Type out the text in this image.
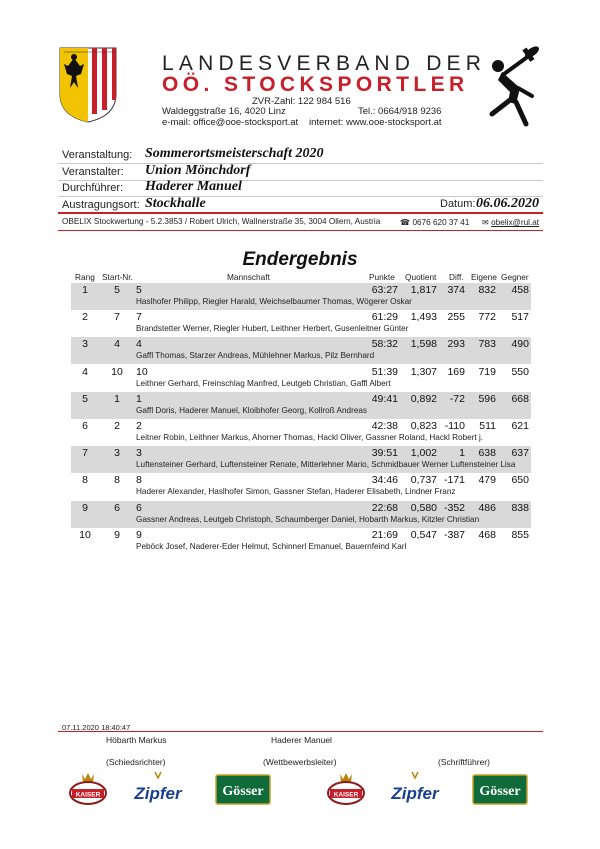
LANDESVERBAND DER
OÖ. STOCKSPORTLER
ZVR-Zahl: 122 984 516
Waldeggstraße 16, 4020 Linz	Tel.: 0664/918 9236
e-mail: office@ooe-stocksport.at internet: www.ooe-stocksport.at
Veranstaltung: Sommerortsmeisterschaft 2020
Veranstalter: Union Mönchdorf
Durchführer: Haderer Manuel
Austragungsort: Stockhalle	Datum: 06.06.2020
OBELIX Stockwertung - 5.2.3853 / Robert Ulrich, Wallnerstraße 35, 3004 Ollern, Austria ☎ 0676 620 37 41 ✉ obelix@rul.at
Endergebnis
Rang Start-Nr.	Mannschaft	Punkte Quotient Diff. Eigene Gegner
1	5	5	63:27	1,817 374	832	458
Haslhofer Philipp, Riegler Harald, Weichselbaumer Thomas, Wögerer Oskar
2	7	7	61:29	1,493 255	772	517
Brandstetter Werner, Riegler Hubert, Leithner Herbert, Gusenleitner Günter
3	4	4	58:32	1,598 293	783	490
Gaffl Thomas, Starzer Andreas, Mühlehner Markus, Pilz Bernhard
4	10	10	51:39	1,307 169	719	550
Leithner Gerhard, Freinschlag Manfred, Leutgeb Christian, Gaffl Albert
5	1	1	49:41	0,892	-72	596	668
Gaffl Doris, Haderer Manuel, Kloibhofer Georg, Kollroß Andreas
6	2	2	42:38	0,823 -110	511	621
Leitner Robin, Leithner Markus, Ahorner Thomas, Hackl Oliver, Gassner Roland, Hackl Robert j.
7	3	3	39:51	1,002	1	638	637
Luftensteiner Gerhard, Luftensteiner Renate, Mitterlehner Mario, Schmidbauer Werner Luftensteiner Lisa
8	8	8	34:46	0,737 -171	479	650
Haderer Alexander, Haslhofer Simon, Gassner Stefan, Haderer Elisabeth, Lindner Franz
9	6	6	22:68	0,580 -352	486	838
Gassner Andreas, Leutgeb Christoph, Schaumberger Daniel, Hobarth Markus, Kitzler Christian
10	9	9	21:69	0,547 -387	468	855
Peböck Josef, Naderer-Eder Helmut, Schinnerl Emanuel, Bauernfeind Karl
07.11.2020 18:40:47
Höbarth Markus	Haderer Manuel
(Schiedsrichter)	(Wettbewerbsleiter)	(Schriftführer)
KAISER Zipfer	Gösser	KAISER Zipfer	Gösser
